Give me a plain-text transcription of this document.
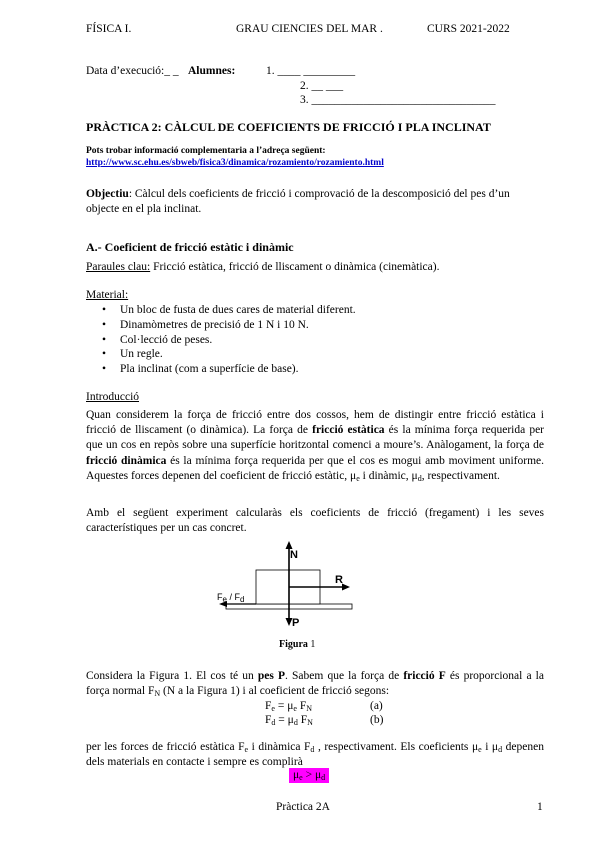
FÍSICA I.	GRAU CIENCIES DEL MAR .	CURS 2021-2022
Data d’execució:_ _ Alumnes:	1. ____ _________
2. __ ___
3. ________________________________
PRÀCTICA 2: CÀLCUL DE COEFICIENTS DE FRICCIÓ I PLA INCLINAT
Pots trobar informació complementaria a l’adreça següent:
http://www.sc.ehu.es/sbweb/fisica3/dinamica/rozamiento/rozamiento.html

Objectiu: Càlcul dels coeficients de fricció i comprovació de la descomposició del pes d’un objecte en el pla inclinat.

A.- Coeficient de fricció estàtic i dinàmic

Paraules clau: Fricció estàtica, fricció de lliscament o dinàmica (cinemàtica).

Material:
• Un bloc de fusta de dues cares de material diferent.
• Dinamòmetres de precisió de 1 N i 10 N.
• Col·lecció de peses.
• Un regle.
• Pla inclinat (com a superfície de base).
Introducció

Quan considerem la força de fricció entre dos cossos, hem de distingir entre fricció estàtica i fricció de lliscament (o dinàmica). La força de fricció estàtica és la mínima força requerida per que un cos en repòs sobre una superfície horitzontal comenci a moure’s. Anàlogament, la força de fricció dinàmica és la mínima força requerida per que el cos es mogui amb moviment uniforme. Aquestes forces depenen del coeficient de fricció estàtic, $\mu_e$ i dinàmic, $\mu_d$, respectivament.

Amb el següent experiment calcularàs els coeficients de fricció (fregament) i les seves característiques per un cas concret.

N
R
P
$F_e / F_d$
Figura 1

Considera la Figura 1. El cos té un pes P. Sabem que la força de fricció F és proporcional a la força normal $F_N$ (N a la Figura 1) i al coeficient de fricció segons:

$F_e = \mu_e$ $F_N$	(a)
$F_d = \mu_d$ $F_N$	(b)

per les forces de fricció estàtica $F_e$ i dinàmica $F_d$ , respectivament. Els coeficients $\mu_e$ i $\mu_d$ depenen dels materials en contacte i sempre es complirà

$\mu_e > \mu_d$
Pràctica 2A	1
